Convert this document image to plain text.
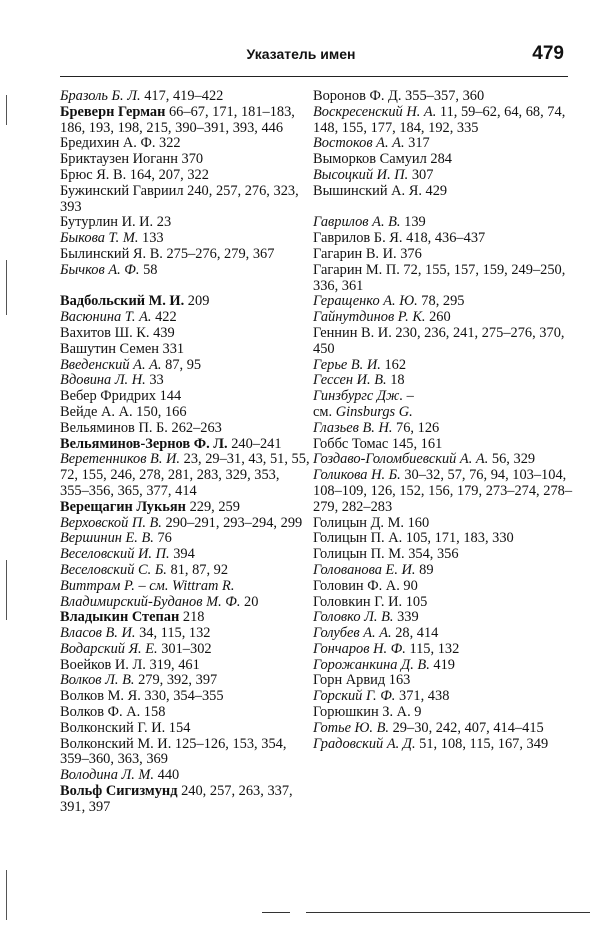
Указатель имен	479

Бразоль Б. Л. 417, 419–422

Бреверн Герман 66–67, 171, 181–183, 186, 193, 198, 215, 390–391, 393, 446

Бредихин А. Ф. 322

Бриктаузен Иоганн 370

Брюс Я. В. 164, 207, 322

Бужинский Гавриил 240, 257, 276, 323, 393

Бутурлин И. И. 23

Быкова Т. М. 133

Былинский Я. В. 275–276, 279, 367

Бычков А. Ф. 58

Вадбольский М. И. 209

Васюнина Т. А. 422

Вахитов Ш. К. 439

Вашутин Семен 331

Введенский А. А. 87, 95

Вдовина Л. Н. 33

Вебер Фридрих 144

Вейде А. А. 150, 166

Вельяминов П. Б. 262–263

Вельяминов-Зернов Ф. Л. 240–241

Веретенников В. И. 23, 29–31, 43, 51, 55, 72, 155, 246, 278, 281, 283, 329, 353, 355–356, 365, 377, 414

Верещагин Лукьян 229, 259

Верховской П. В. 290–291, 293–294, 299

Вершинин Е. В. 76

Веселовский И. П. 394

Веселовский С. Б. 81, 87, 92

Виттрам Р. – см. Wittram R.

Владимирский-Буданов М. Ф. 20

Владыкин Степан 218

Власов В. И. 34, 115, 132

Водарский Я. Е. 301–302

Воейков И. Л. 319, 461

Волков Л. В. 279, 392, 397

Волков М. Я. 330, 354–355

Волков Ф. А. 158

Волконский Г. И. 154

Волконский М. И. 125–126, 153, 354, 359–360, 363, 369

Володина Л. М. 440

Вольф Сигизмунд 240, 257, 263, 337, 391, 397

Воронов Ф. Д. 355–357, 360

Воскресенский Н. А. 11, 59–62, 64, 68, 74, 148, 155, 177, 184, 192, 335

Востоков А. А. 317

Выморков Самуил 284

Высоцкий И. П. 307

Вышинский А. Я. 429

Гаврилов А. В. 139

Гаврилов Б. Я. 418, 436–437

Гагарин В. И. 376

Гагарин М. П. 72, 155, 157, 159, 249–250, 336, 361

Геращенко А. Ю. 78, 295

Гайнутдинов Р. К. 260

Геннин В. И. 230, 236, 241, 275–276, 370, 450

Герье В. И. 162

Гессен И. В. 18

Гинзбургс Дж. –

см. Ginsburgs G.

Глазьев В. Н. 76, 126

Гоббс Томас 145, 161

Гоздаво-Голомбиевский А. А. 56, 329

Голикова Н. Б. 30–32, 57, 76, 94, 103–104, 108–109, 126, 152, 156, 179, 273–274, 278–279, 282–283

Голицын Д. М. 160

Голицын П. А. 105, 171, 183, 330

Голицын П. М. 354, 356

Голованова Е. И. 89

Головин Ф. А. 90

Головкин Г. И. 105

Головко Л. В. 339

Голубев А. А. 28, 414

Гончаров Н. Ф. 115, 132

Горожанкина Д. В. 419

Горн Арвид 163

Горский Г. Ф. 371, 438

Горюшкин З. А. 9

Готье Ю. В. 29–30, 242, 407, 414–415

Градовский А. Д. 51, 108, 115, 167, 349
